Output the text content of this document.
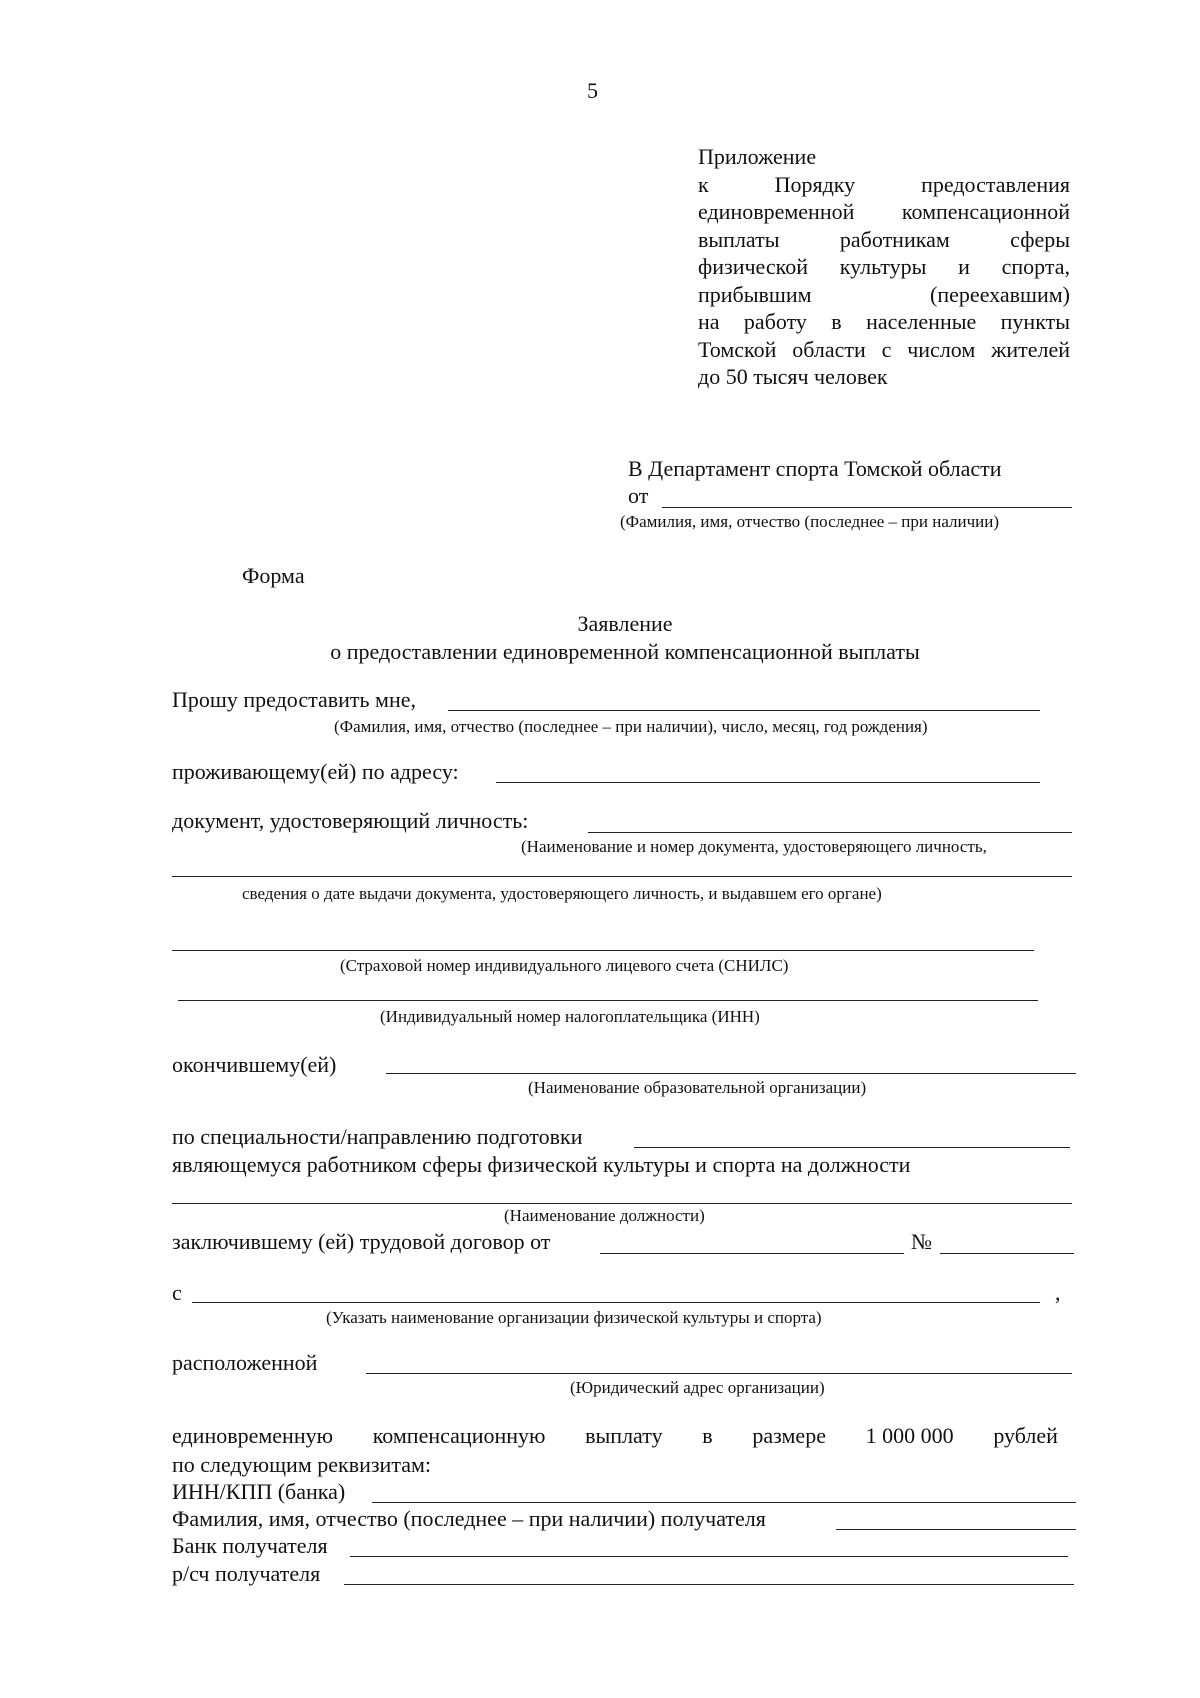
5
Приложение
к Порядку предоставления
единовременной компенсационной
выплаты работникам сферы
физической культуры и спорта,
прибывшим (переехавшим)
на работу в населенные пункты
Томской области с числом жителей
до 50 тысяч человек
В Департамент спорта Томской области
от
(Фамилия, имя, отчество (последнее – при наличии)
Форма
Заявление
о предоставлении единовременной компенсационной выплаты
Прошу предоставить мне,
(Фамилия, имя, отчество (последнее – при наличии), число, месяц, год рождения)
проживающему(ей) по адресу:
документ, удостоверяющий личность:
(Наименование и номер документа, удостоверяющего личность,
сведения о дате выдачи документа, удостоверяющего личность, и выдавшем его органе)
(Страховой номер индивидуального лицевого счета (СНИЛС)
(Индивидуальный номер налогоплательщика (ИНН)
окончившему(ей)
(Наименование образовательной организации)
по специальности/направлению подготовки
являющемуся работником сферы физической культуры и спорта на должности
(Наименование должности)
заключившему (ей) трудовой договор от	№
с	,
(Указать наименование организации физической культуры и спорта)
расположенной
(Юридический адрес организации)
единовременную компенсационную выплату в размере 1 000 000 рублей
по следующим реквизитам:
ИНН/КПП (банка)
Фамилия, имя, отчество (последнее – при наличии) получателя
Банк получателя
р/сч получателя
